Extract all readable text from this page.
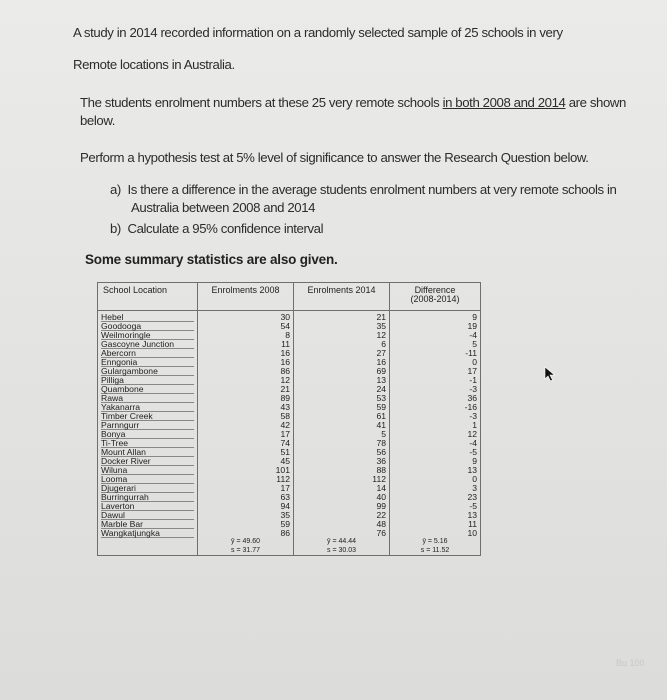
A study in 2014 recorded information on a randomly selected sample of 25 schools in very
Remote locations in Australia.
The students enrolment numbers at these 25 very remote schools in both 2008 and 2014 are shown
below.
Perform a hypothesis test at 5% level of significance to answer the Research Question below.
a) Is there a difference in the average students enrolment numbers at very remote schools in
Australia between 2008 and 2014
b) Calculate a 95% confidence interval
Some summary statistics are also given.
School Location	Enrolments 2008	Enrolments 2014	Difference
(2008-2014)

Hebel	30	21	9

Goodooga	54	35	19

Weilmoringle	8	12	-4

Gascoyne Junction	11	6	5

Abercorn	16	27	-11

Enngonia	16	16	0

Gulargambone	86	69	17

Pilliga	12	13	-1

Quambone	21	24	-3

Rawa	89	53	36

Yakanarra	43	59	-16

Timber Creek	58	61	-3

Parnngurr	42	41	1

Bonya	17	5	12

Ti-Tree	74	78	-4

Mount Allan	51	56	-5

Docker River	45	36	9

Wiluna	101	88	13

Looma	112	112	0

Djugerari	17	14	3

Burringurrah	63	40	23

Laverton	94	99	-5

Dawul	35	22	13

Marble Bar	59	48	11

Wangkatjungka	86	76	10
	ȳ = 49.60	ȳ = 44.44	ȳ = 5.16
	s = 31.77	s = 30.03	s = 11.52
Bu 100
